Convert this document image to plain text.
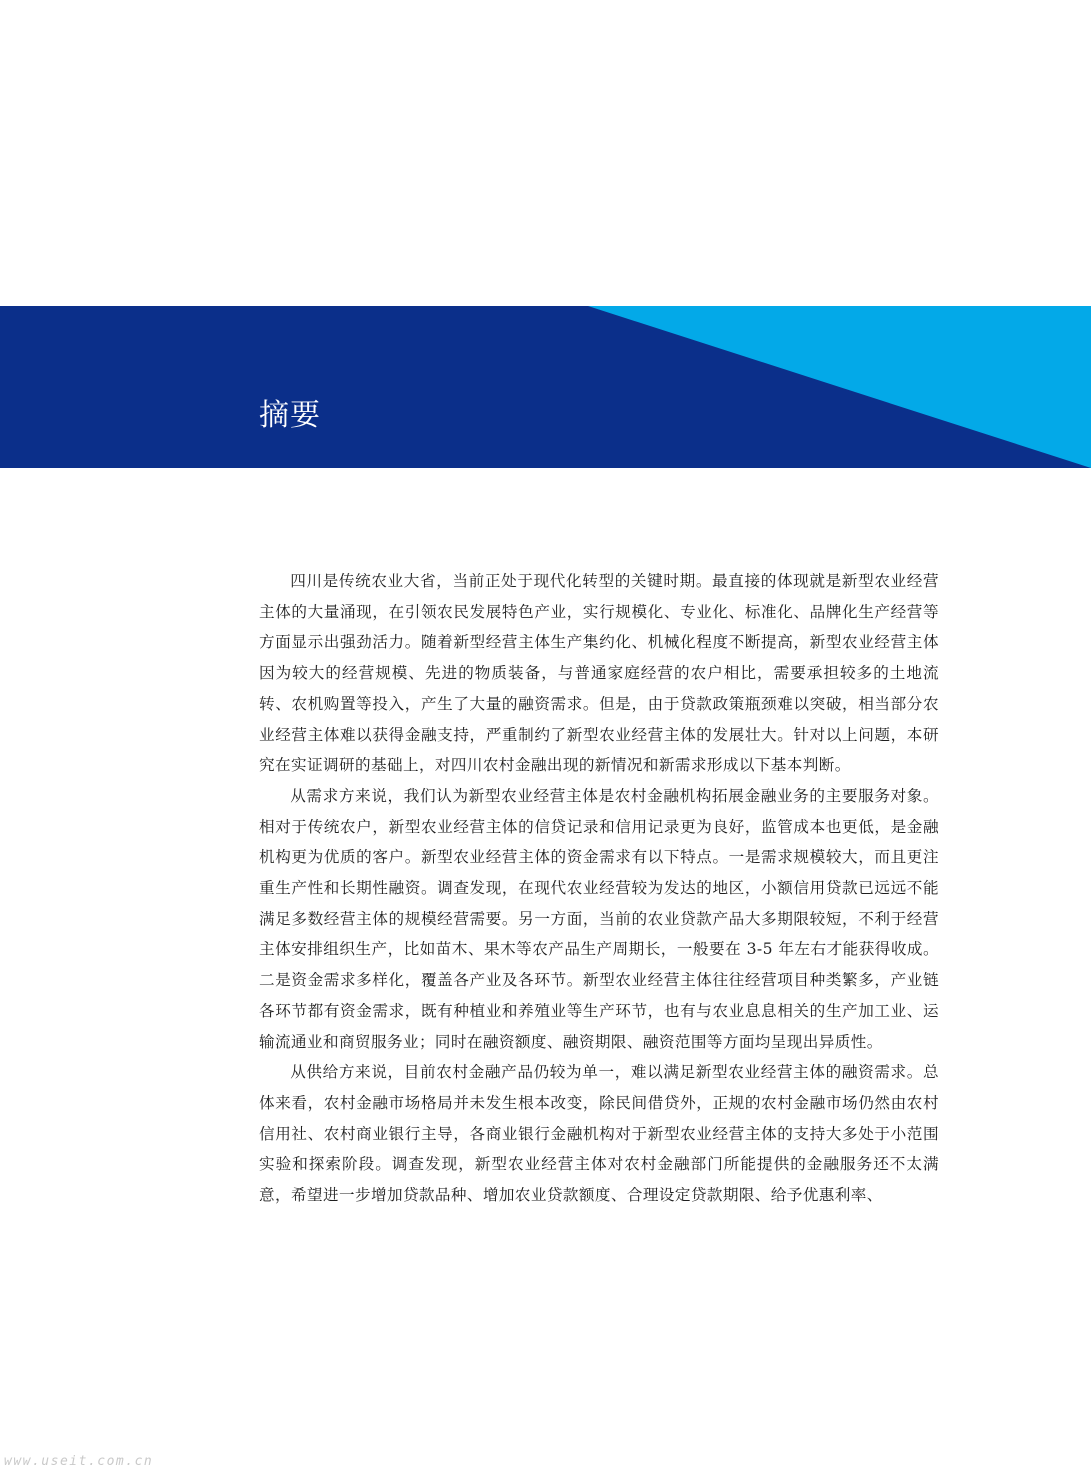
摘要

四川是传统农业大省，当前正处于现代化转型的关键时期。最直接的体现就是新型农业经营主体的大量涌现，在引领农民发展特色产业，实行规模化、专业化、标准化、品牌化生产经营等方面显示出强劲活力。随着新型经营主体生产集约化、机械化程度不断提高，新型农业经营主体因为较大的经营规模、先进的物质装备，与普通家庭经营的农户相比，需要承担较多的土地流转、农机购置等投入，产生了大量的融资需求。但是，由于贷款政策瓶颈难以突破，相当部分农业经营主体难以获得金融支持，严重制约了新型农业经营主体的发展壮大。针对以上问题，本研究在实证调研的基础上，对四川农村金融出现的新情况和新需求形成以下基本判断。

从需求方来说，我们认为新型农业经营主体是农村金融机构拓展金融业务的主要服务对象。相对于传统农户，新型农业经营主体的信贷记录和信用记录更为良好，监管成本也更低，是金融机构更为优质的客户。新型农业经营主体的资金需求有以下特点。一是需求规模较大，而且更注重生产性和长期性融资。调查发现，在现代农业经营较为发达的地区，小额信用贷款已远远不能满足多数经营主体的规模经营需要。另一方面，当前的农业贷款产品大多期限较短，不利于经营主体安排组织生产，比如苗木、果木等农产品生产周期长，一般要在 3-5 年左右才能获得收成。二是资金需求多样化，覆盖各产业及各环节。新型农业经营主体往往经营项目种类繁多，产业链各环节都有资金需求，既有种植业和养殖业等生产环节，也有与农业息息相关的生产加工业、运输流通业和商贸服务业；同时在融资额度、融资期限、融资范围等方面均呈现出异质性。

从供给方来说，目前农村金融产品仍较为单一，难以满足新型农业经营主体的融资需求。总体来看，农村金融市场格局并未发生根本改变，除民间借贷外，正规的农村金融市场仍然由农村信用社、农村商业银行主导，各商业银行金融机构对于新型农业经营主体的支持大多处于小范围实验和探索阶段。调查发现，新型农业经营主体对农村金融部门所能提供的金融服务还不太满意，希望进一步增加贷款品种、增加农业贷款额度、合理设定贷款期限、给予优惠利率、

www.useit.com.cn
